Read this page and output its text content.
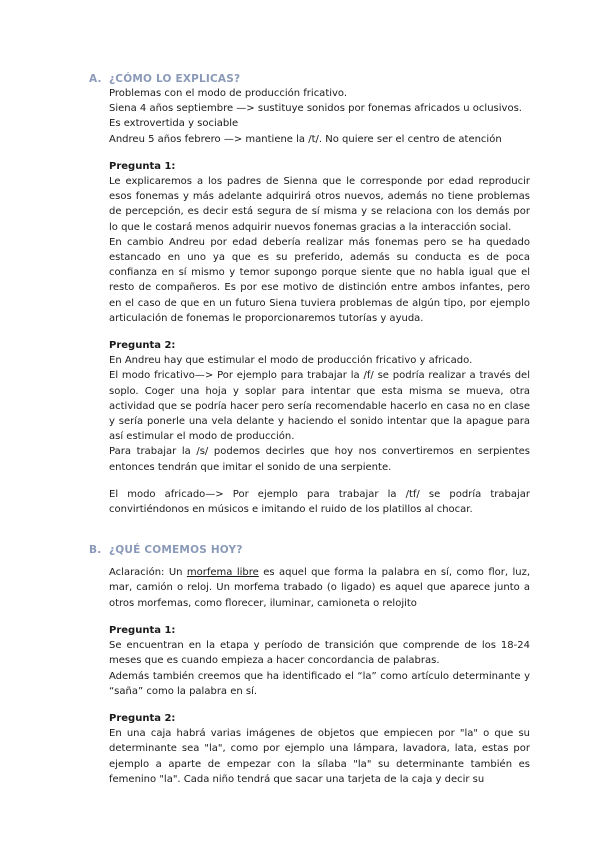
A. ¿CÓMO LO EXPLICAS?

Problemas con el modo de producción fricativo.

Siena 4 años septiembre —> sustituye sonidos por fonemas africados u oclusivos.

Es extrovertida y sociable

Andreu 5 años febrero —> mantiene la /t/. No quiere ser el centro de atención

Pregunta 1:

Le explicaremos a los padres de Sienna que le corresponde por edad reproducir esos fonemas y más adelante adquirirá otros nuevos, además no tiene problemas de percepción, es decir está segura de sí misma y se relaciona con los demás por lo que le costará menos adquirir nuevos fonemas gracias a la interacción social.

En cambio Andreu por edad debería realizar más fonemas pero se ha quedado estancado en uno ya que es su preferido, además su conducta es de poca confianza en sí mismo y temor supongo porque siente que no habla igual que el resto de compañeros. Es por ese motivo de distinción entre ambos infantes, pero en el caso de que en un futuro Siena tuviera problemas de algún tipo, por ejemplo articulación de fonemas le proporcionaremos tutorías y ayuda.

Pregunta 2:

En Andreu hay que estimular el modo de producción fricativo y africado.

El modo fricativo—> Por ejemplo para trabajar la /f/ se podría realizar a través del soplo. Coger una hoja y soplar para intentar que esta misma se mueva, otra actividad que se podría hacer pero sería recomendable hacerlo en casa no en clase y sería ponerle una vela delante y haciendo el sonido intentar que la apague para así estimular el modo de producción.

Para trabajar la /s/ podemos decirles que hoy nos convertiremos en serpientes entonces tendrán que imitar el sonido de una serpiente.

El modo africado—> Por ejemplo para trabajar la /tf/ se podría trabajar convirtiéndonos en músicos e imitando el ruido de los platillos al chocar.

B. ¿QUÉ COMEMOS HOY?

Aclaración: Un morfema libre es aquel que forma la palabra en sí, como flor, luz, mar, camión o reloj. Un morfema trabado (o ligado) es aquel que aparece junto a otros morfemas, como florecer, iluminar, camioneta o relojito

Pregunta 1:

Se encuentran en la etapa y período de transición que comprende de los 18-24 meses que es cuando empieza a hacer concordancia de palabras.

Además también creemos que ha identificado el “la” como artículo determinante y “saña” como la palabra en sí.

Pregunta 2:

En una caja habrá varias imágenes de objetos que empiecen por "la" o que su determinante sea "la", como por ejemplo una lámpara, lavadora, lata, estas por ejemplo a aparte de empezar con la sílaba "la" su determinante también es femenino "la". Cada niño tendrá que sacar una tarjeta de la caja y decir su
